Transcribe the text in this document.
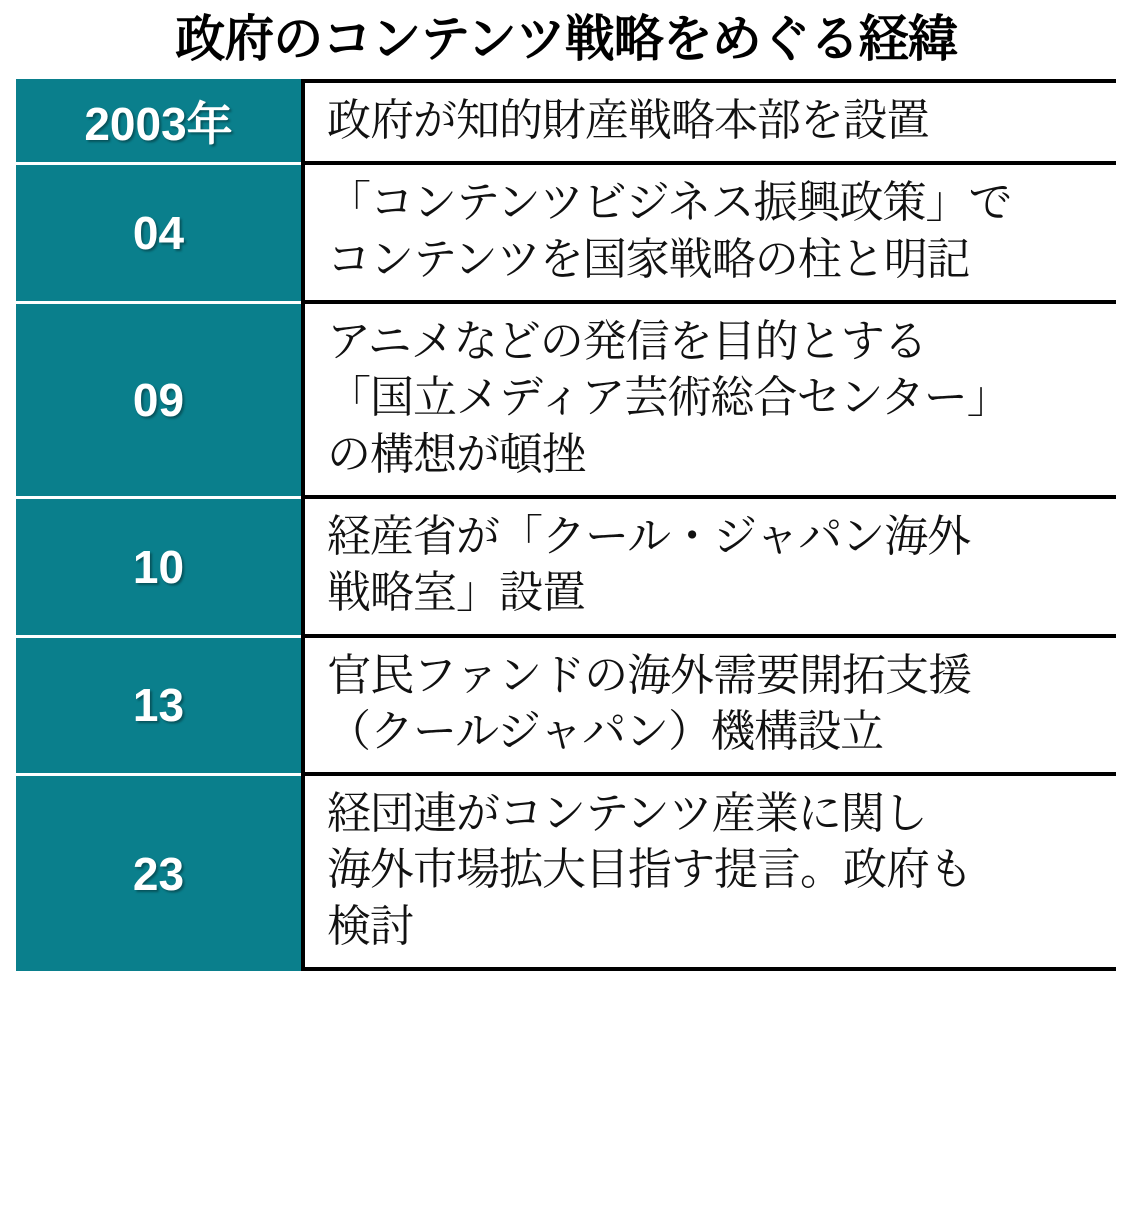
政府のコンテンツ戦略をめぐる経緯
2003年	政府が知的財産戦略本部を設置
04
「コンテンツビジネス振興政策」で
コンテンツを国家戦略の柱と明記
09
アニメなどの発信を目的とする
「国立メディア芸術総合センター」
の構想が頓挫
10
経産省が「クール・ジャパン海外
戦略室」設置
13
官民ファンドの海外需要開拓支援
（クールジャパン）機構設立
23
経団連がコンテンツ産業に関し
海外市場拡大目指す提言。政府も
検討
